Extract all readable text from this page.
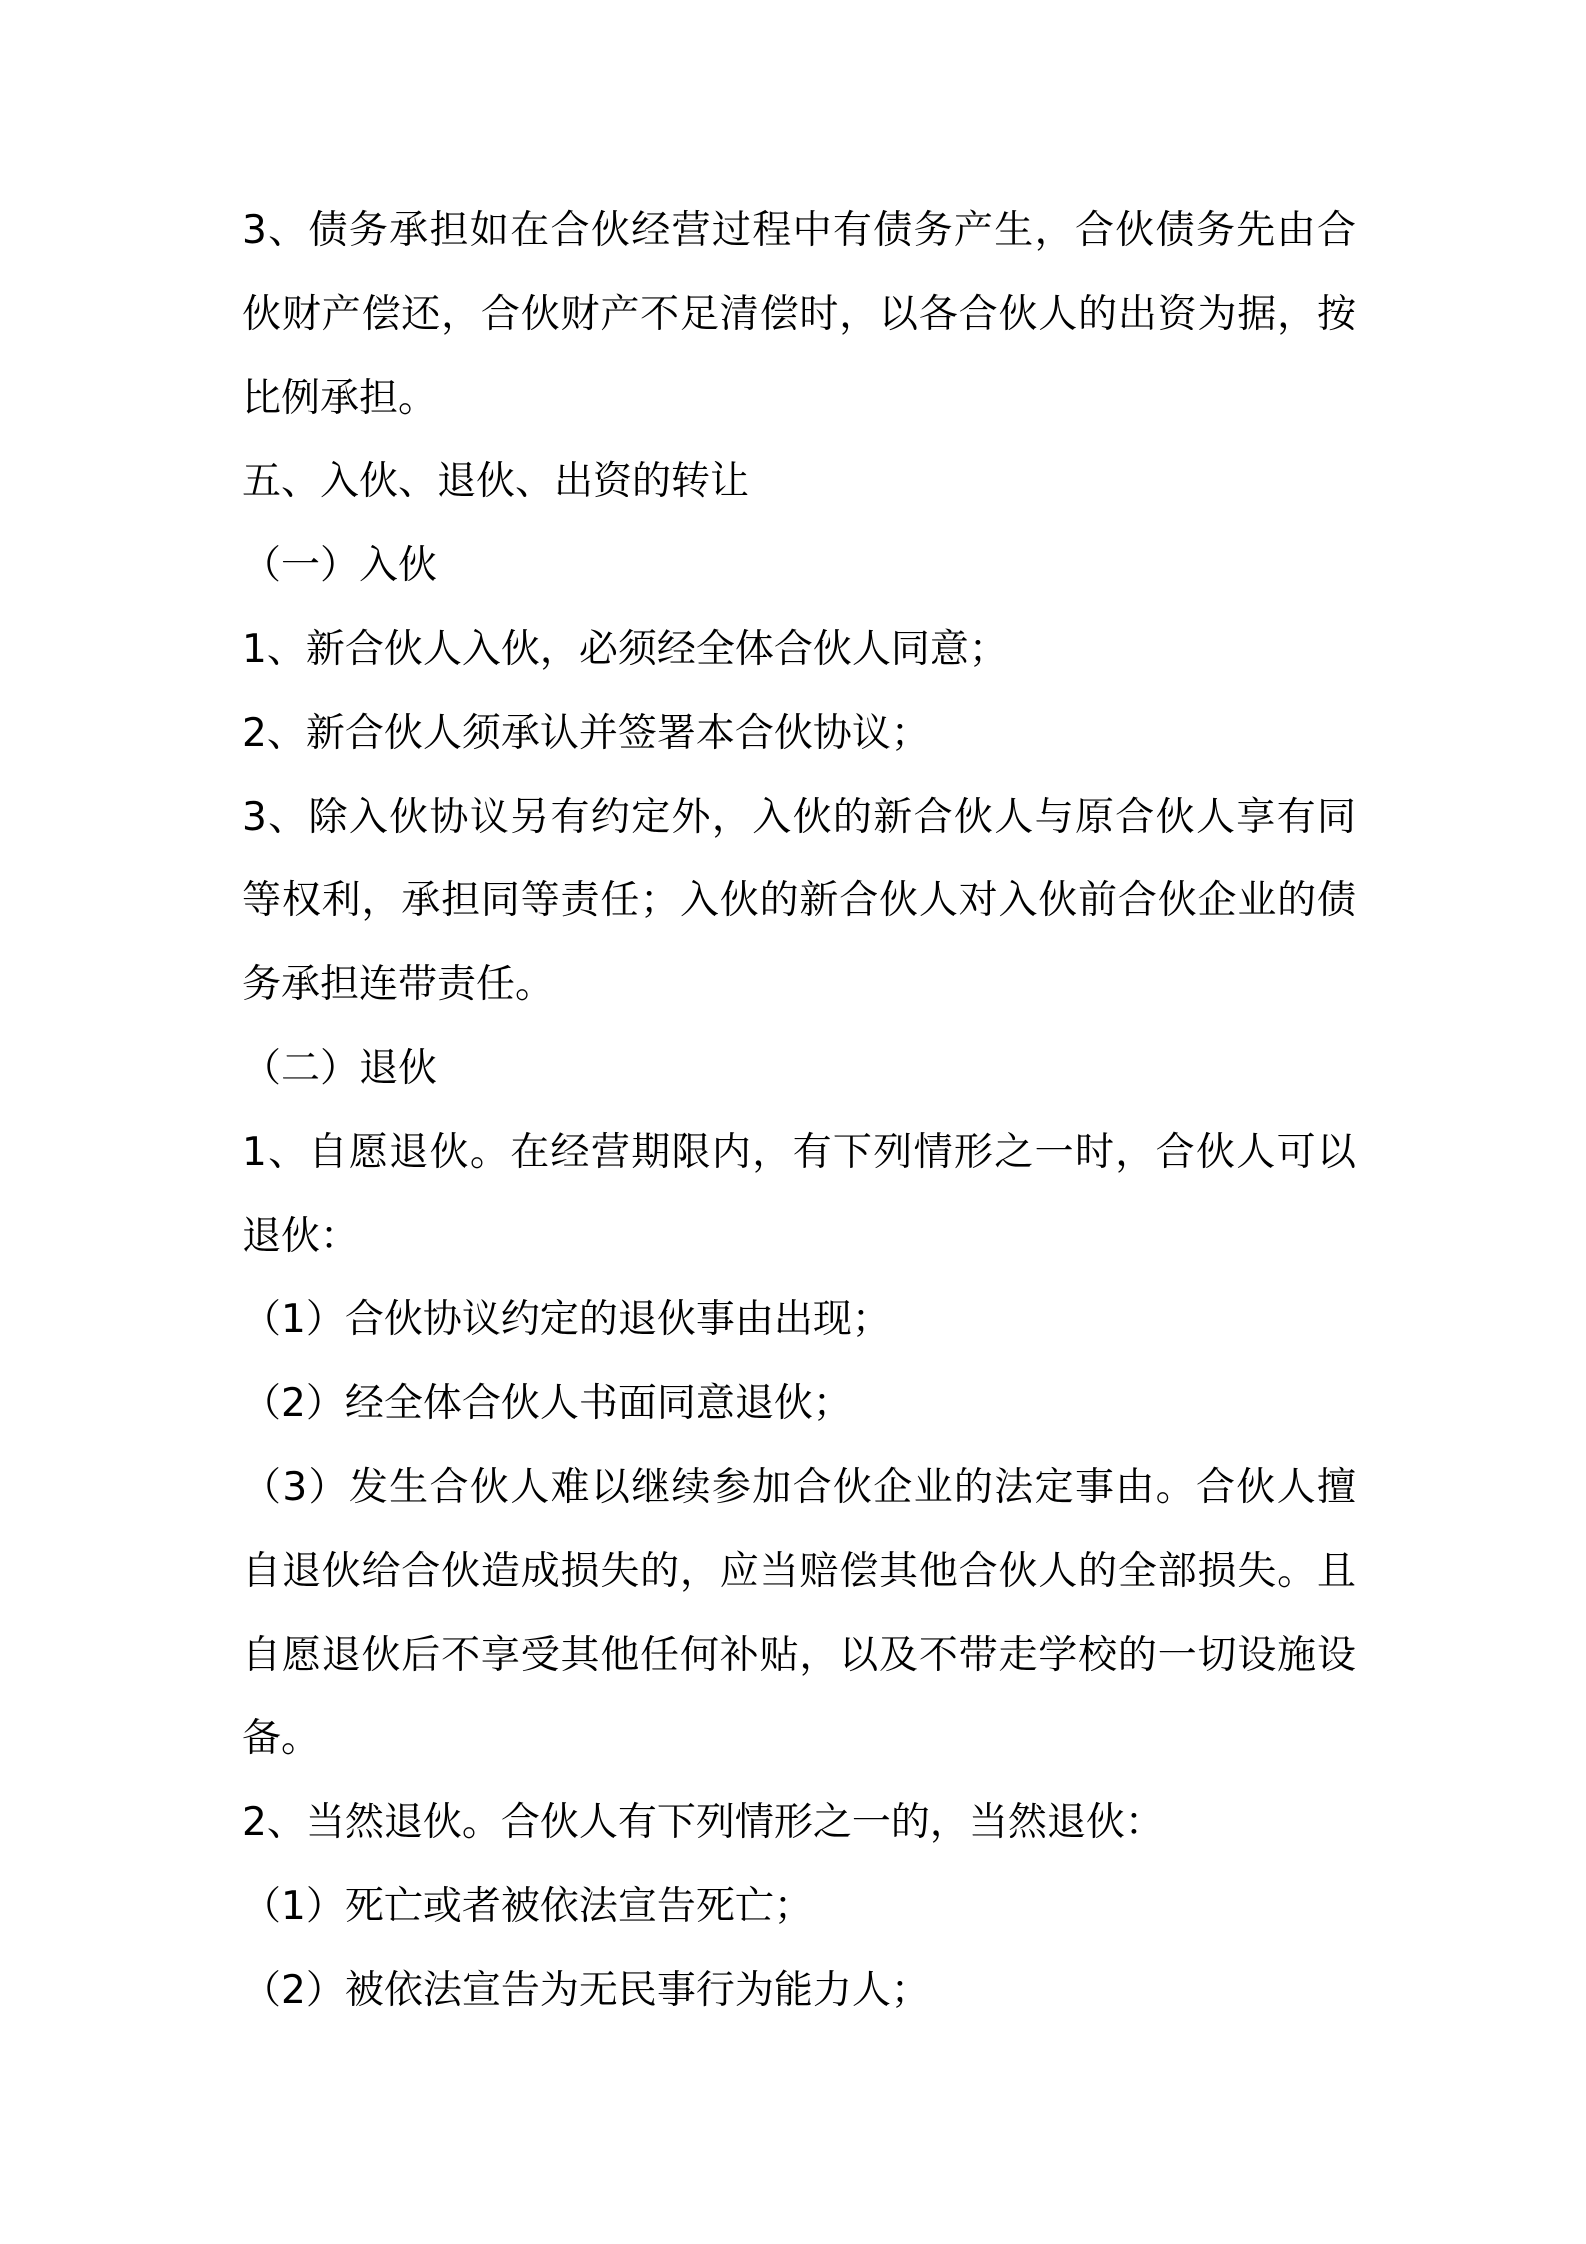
3、债务承担如在合伙经营过程中有债务产生，合伙债务先由合
伙财产偿还，合伙财产不足清偿时，以各合伙人的出资为据，按
比例承担。
五、入伙、退伙、出资的转让
（一）入伙
1、新合伙人入伙，必须经全体合伙人同意；
2、新合伙人须承认并签署本合伙协议；
3、除入伙协议另有约定外，入伙的新合伙人与原合伙人享有同
等权利，承担同等责任；入伙的新合伙人对入伙前合伙企业的债
务承担连带责任。
（二）退伙
1、自愿退伙。在经营期限内，有下列情形之一时，合伙人可以
退伙：
（1）合伙协议约定的退伙事由出现；
（2）经全体合伙人书面同意退伙；
（3）发生合伙人难以继续参加合伙企业的法定事由。合伙人擅
自退伙给合伙造成损失的，应当赔偿其他合伙人的全部损失。且
自愿退伙后不享受其他任何补贴，以及不带走学校的一切设施设
备。
2、当然退伙。合伙人有下列情形之一的，当然退伙：
（1）死亡或者被依法宣告死亡；
（2）被依法宣告为无民事行为能力人；
